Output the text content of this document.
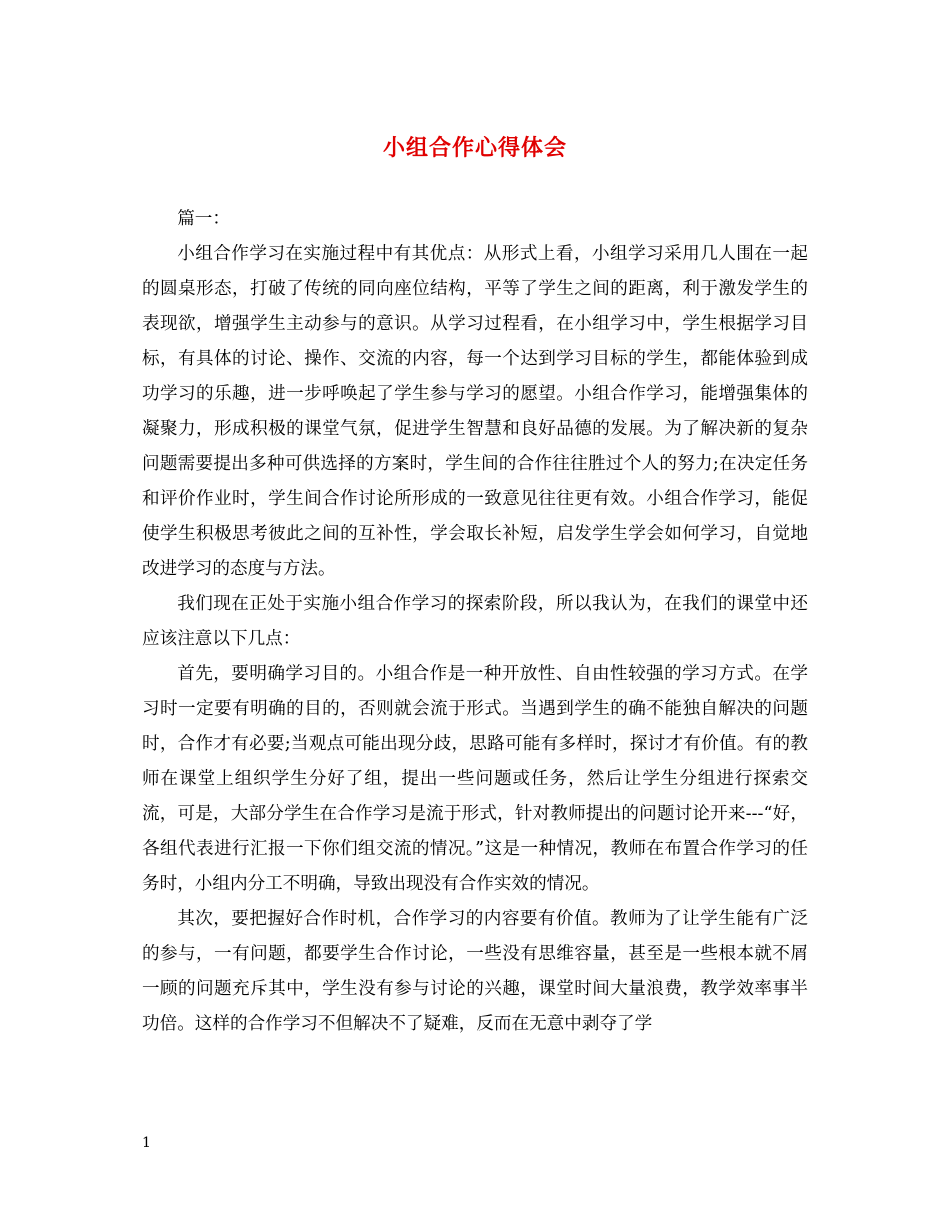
小组合作心得体会

篇一：

小组合作学习在实施过程中有其优点：从形式上看，小组学习采用几人围在一起的圆桌形态，打破了传统的同向座位结构，平等了学生之间的距离，利于激发学生的表现欲，增强学生主动参与的意识。从学习过程看，在小组学习中，学生根据学习目标，有具体的讨论、操作、交流的内容，每一个达到学习目标的学生，都能体验到成功学习的乐趣，进一步呼唤起了学生参与学习的愿望。小组合作学习，能增强集体的凝聚力，形成积极的课堂气氛，促进学生智慧和良好品德的发展。为了解决新的复杂问题需要提出多种可供选择的方案时，学生间的合作往往胜过个人的努力;在决定任务和评价作业时，学生间合作讨论所形成的一致意见往往更有效。小组合作学习，能促使学生积极思考彼此之间的互补性，学会取长补短，启发学生学会如何学习，自觉地改进学习的态度与方法。

我们现在正处于实施小组合作学习的探索阶段，所以我认为，在我们的课堂中还应该注意以下几点：

首先，要明确学习目的。小组合作是一种开放性、自由性较强的学习方式。在学习时一定要有明确的目的，否则就会流于形式。当遇到学生的确不能独自解决的问题时，合作才有必要;当观点可能出现分歧，思路可能有多样时，探讨才有价值。有的教师在课堂上组织学生分好了组，提出一些问题或任务，然后让学生分组进行探索交流，可是，大部分学生在合作学习是流于形式，针对教师提出的问题讨论开来---“好，各组代表进行汇报一下你们组交流的情况。”这是一种情况，教师在布置合作学习的任务时，小组内分工不明确，导致出现没有合作实效的情况。

其次，要把握好合作时机，合作学习的内容要有价值。教师为了让学生能有广泛的参与，一有问题，都要学生合作讨论，一些没有思维容量，甚至是一些根本就不屑一顾的问题充斥其中，学生没有参与讨论的兴趣，课堂时间大量浪费，教学效率事半功倍。这样的合作学习不但解决不了疑难，反而在无意中剥夺了学

1
